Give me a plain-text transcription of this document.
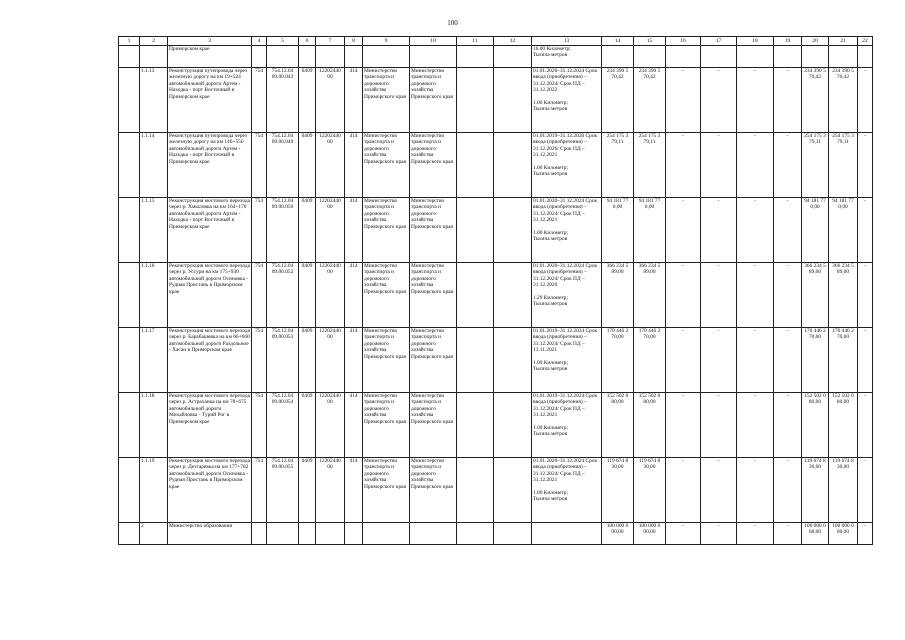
100
1	2	3	4	5	6	7	8	9	10	11	12	13	14	15	16	17	18	19	20	21	22
		Приморском крае										16.00 Километр;
Тысяча метров									
	1.1.13	Реконструкция путепровода через железную дорогу на км 19+524 автомобильной дороги Артем - Находка - порт Восточный в Приморском крае	754	754.12.04 09.00.043	0409	12202440 00	414	Министерство транспорта и дорожного хозяйства Приморского края	Министерство транспорта и дорожного хозяйства Приморского края			01.01.2020–31.12.2024 Срок ввода (приобретения) – 31.12.2024/ Срок ПД – 31.12.2022

1.00 Километр;
Тысяча метров	234 390 5 70,42	234 390 5 70,42	-	-	-	-	234 390 5 70,42	234 390 5 70,42	-
	1.1.14	Реконструкция путепровода через железную дорогу на км 146+550 автомобильной дороги Артем - Находка - порт Восточный в Приморском крае	754	754.12.04 09.00.049	0409	12202440 00	414	Министерство транспорта и дорожного хозяйства Приморского края	Министерство транспорта и дорожного хозяйства Приморского края			01.01.2019–31.12.2026 Срок ввода (приобретения) – 31.12.2026/ Срок ПД – 31.12.2021

1.00 Километр;
Тысяча метров	254 175 3 79,11	254 175 3 79,11	-	-	-	-	254 175 3 79,11	254 175 3 79,11	-
	1.1.15	Реконструкция мостового перехода через р. Хмыловка на км 164+170 автомобильной дороги Артем - Находка - порт Восточный в Приморском крае	754	754.12.04 09.00.050	0409	12202440 00	414	Министерство транспорта и дорожного хозяйства Приморского края	Министерство транспорта и дорожного хозяйства Приморского края			01.01.2020–31.12.2024 Срок ввода (приобретения) – 31.12.2024/ Срок ПД – 31.12.2021

1.00 Километр;
Тысяча метров	94 181 77 0,00	94 181 77 0,00	-	-	-	-	94 181 77 0,00	94 181 77 0,00	-
	1.1.16	Реконструкция мостового перехода через р. Уссури на км 175+930 автомобильной дороги Осиновка - Рудная Пристань в Приморском крае	754	754.12.04 09.00.052	0409	12202440 00	414	Министерство транспорта и дорожного хозяйства Приморского края	Министерство транспорта и дорожного хозяйства Приморского края			01.01.2020–31.12.2024 Срок ввода (приобретения) – 31.12.2024/ Срок ПД – 31.12.2020

1.29 Километр;
Тысяча метров	366 234 5 89,00	366 234 5 89,00	-	-	-	-	366 234 5 89,00	366 234 5 89,00	-
	1.1.17	Реконструкция мостового перехода через р. Барабашевка на км 66+660 автомобильной дороги Раздольное - Хасан в Приморском крае	754	754.12.04 09.00.053	0409	12202440 00	414	Министерство транспорта и дорожного хозяйства Приморского края	Министерство транспорта и дорожного хозяйства Приморского края			01.01.2019–31.12.2024 Срок ввода (приобретения) – 31.12.2024/ Срок ПД – 13.11.2021

1.00 Километр;
Тысяча метров	170 446 2 70,00	170 446 2 70,00	-	-	-	-	170 446 2 70,00	170 446 2 70,00	-
	1.1.18	Реконструкция мостового перехода через р. Астраханка на км 78+675 автомобильной дороги Михайловка - Турий Рог в Приморском крае	754	754.12.04 09.00.054	0409	12202440 00	414	Министерство транспорта и дорожного хозяйства Приморского края	Министерство транспорта и дорожного хозяйства Приморского края			01.01.2019–31.12.2024 Срок ввода (приобретения) – 31.12.2024/ Срок ПД – 31.12.2021

1.00 Километр;
Тысяча метров	152 502 0 80,00	152 502 0 80,00	-	-	-	-	152 502 0 80,00	152 502 0 80,00	-
	1.1.19	Реконструкция мостового перехода через р. Детгаревка на км 177+782 автомобильной дороги Осиновка - Рудная Пристань в Приморском крае	754	754.12.04 09.00.055	0409	12202440 00	414	Министерство транспорта и дорожного хозяйства Приморского края	Министерство транспорта и дорожного хозяйства Приморского края			01.01.2020–31.12.2024 Срок ввода (приобретения) – 31.12.2024/ Срок ПД – 31.12.2021

1.00 Километр;
Тысяча метров	119 674 8 30,00	119 674 8 30,00	-	-	-	-	119 674 8 30,00	119 674 8 30,00	-
	2	Министерство образования											100 000 0 00,00	100 000 0 00,00	-	-	-	-	100 000 0 00,00	100 000 0 00,00	-
